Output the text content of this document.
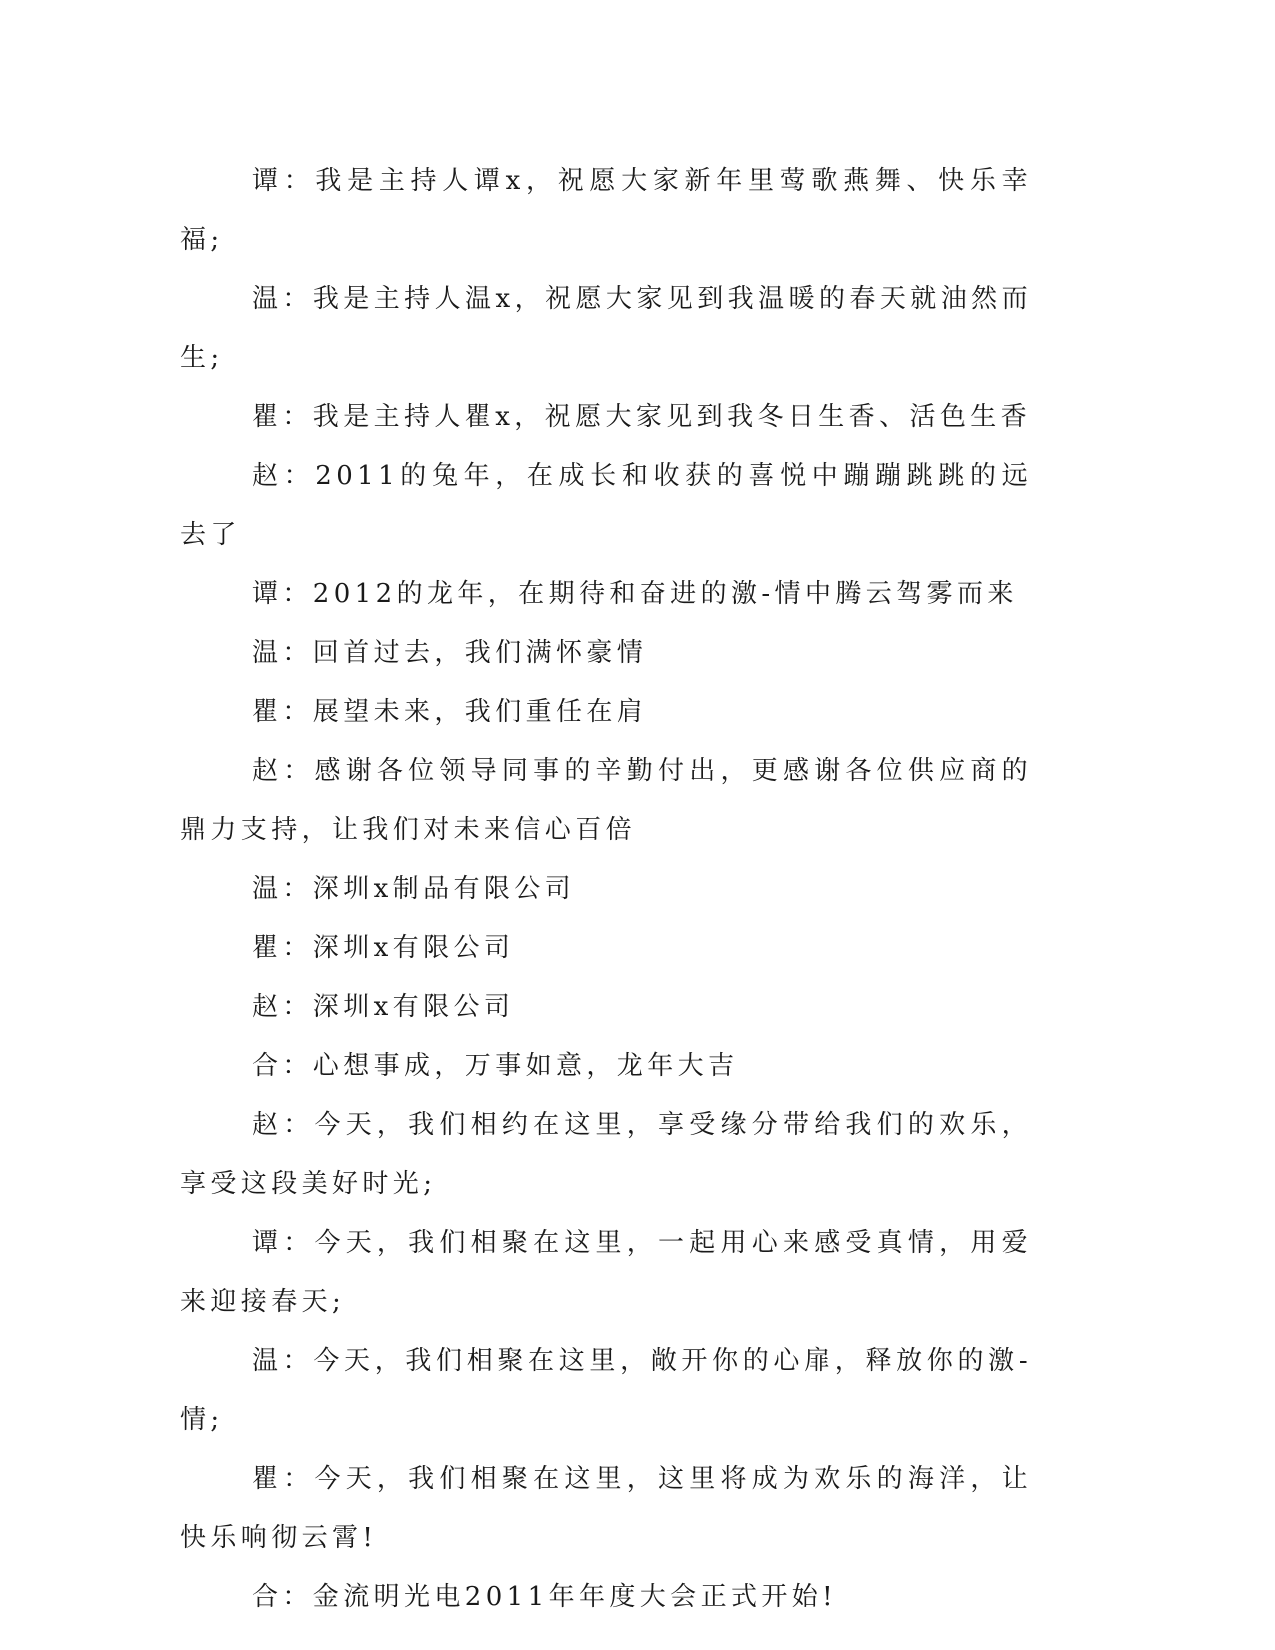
谭：我是主持人谭x，祝愿大家新年里莺歌燕舞、快乐幸福;

温：我是主持人温x，祝愿大家见到我温暖的春天就油然而生;

瞿：我是主持人瞿x，祝愿大家见到我冬日生香、活色生香

赵：2011的兔年，在成长和收获的喜悦中蹦蹦跳跳的远去了

谭：2012的龙年，在期待和奋进的激-情中腾云驾雾而来

温：回首过去，我们满怀豪情

瞿：展望未来，我们重任在肩

赵：感谢各位领导同事的辛勤付出，更感谢各位供应商的鼎力支持，让我们对未来信心百倍

温：深圳x制品有限公司

瞿：深圳x有限公司

赵：深圳x有限公司

合：心想事成，万事如意，龙年大吉

赵：今天，我们相约在这里，享受缘分带给我们的欢乐，享受这段美好时光;

谭：今天，我们相聚在这里，一起用心来感受真情，用爱来迎接春天;

温：今天，我们相聚在这里，敞开你的心扉，释放你的激-情;

瞿：今天，我们相聚在这里，这里将成为欢乐的海洋，让快乐响彻云霄!

合：金流明光电2011年年度大会正式开始!
